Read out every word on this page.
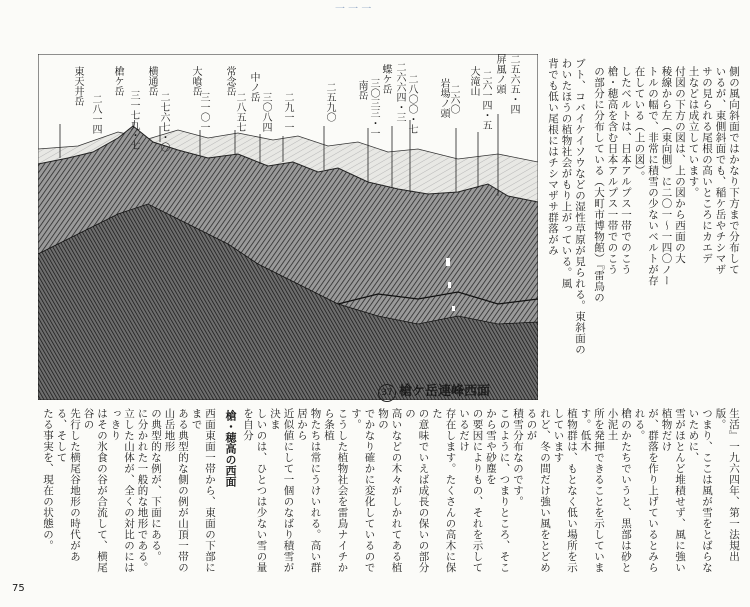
一 一 一
側の風向斜面ではかなり下方まで分布して
いるが、東側斜面でも、稲ケ岳やチシマザ
サの見られる尾根の高いところにカエデ
土などは成立しています。
付図の下方の図は、上の図から西面の大
稜線から左（東向側）に二〇一～一四〇ノー
トルの幅で、非常に積雪の少ないベルトが存
在している（上の図）。
したベルトは、日本アルプス一帯でのこう
槍・穂高を含む日本アルプス一帯でのこう
の部分に分布している（大町市博物館）『雷鳥の
東天井岳
二八一四
槍ケ岳
三一七九・七
横通岳
二七六七・〇
大喰岳
三一〇一
常念岳
二八五七
中ノ岳
三〇八四 二九一一	二五九〇 南岳 三〇三三・一 蝶ケ岳 二六六四・三 二八〇〇・七 岩場ノ頭 二六〇
大滝山 二六一四・五 屏風ノ頭 二五六五・四	ブト、コバイケイソウなどの湿性草原が見られる。東斜面の
わいたほうの植物社会がもり上がっている。風
背でも低い尾根にはチシマザサ群落がみ
37 槍ケ岳連峰西面
生活』一九六四年、第一法規出版。
つまり、ここは風が雪をとばらないために、
雪がほとんど堆積せず、風に強い植物だけ
が、群落を作り上げているとみられる。
槍のかたちでいうと、黒部は砂と小泥土
所を発揮できることを示しています。低木
植物群は、もとなく低い場所を示しています
れど、冬の間だけ強い風をとどめるのが
積雪分布なのです。
このように、つまりところ、そこから雪や砂塵を
の要因によりもの、それを示しているだけ
存在します。たくさんの高木に保た
の意味でいえば成長の保いの部分の
高いなどの木々がしかれてある植物の
でかなり確かに変化しているのです。
こうした植物社会を雷鳥ナイチから条植
物たちは常にうけいれる。高い群居から
近似値にして一個のなばり積雪が決ま
しいのは、ひとつは少ない雪の量を自分
槍・穂高の西面
西面東面一帯から、東面の下部にまで
ある典型的な側の例が山頂一帯の山岳地形
の典型的な例が、下面にある。
に分かれた一般的な地形である。
立した山体が、全くの対比のにはっきり
はその氷食の谷が合流して、横尾谷の
先行した横尾谷地形の時代がある、そして
たる事実を、現在の状態の。
75
